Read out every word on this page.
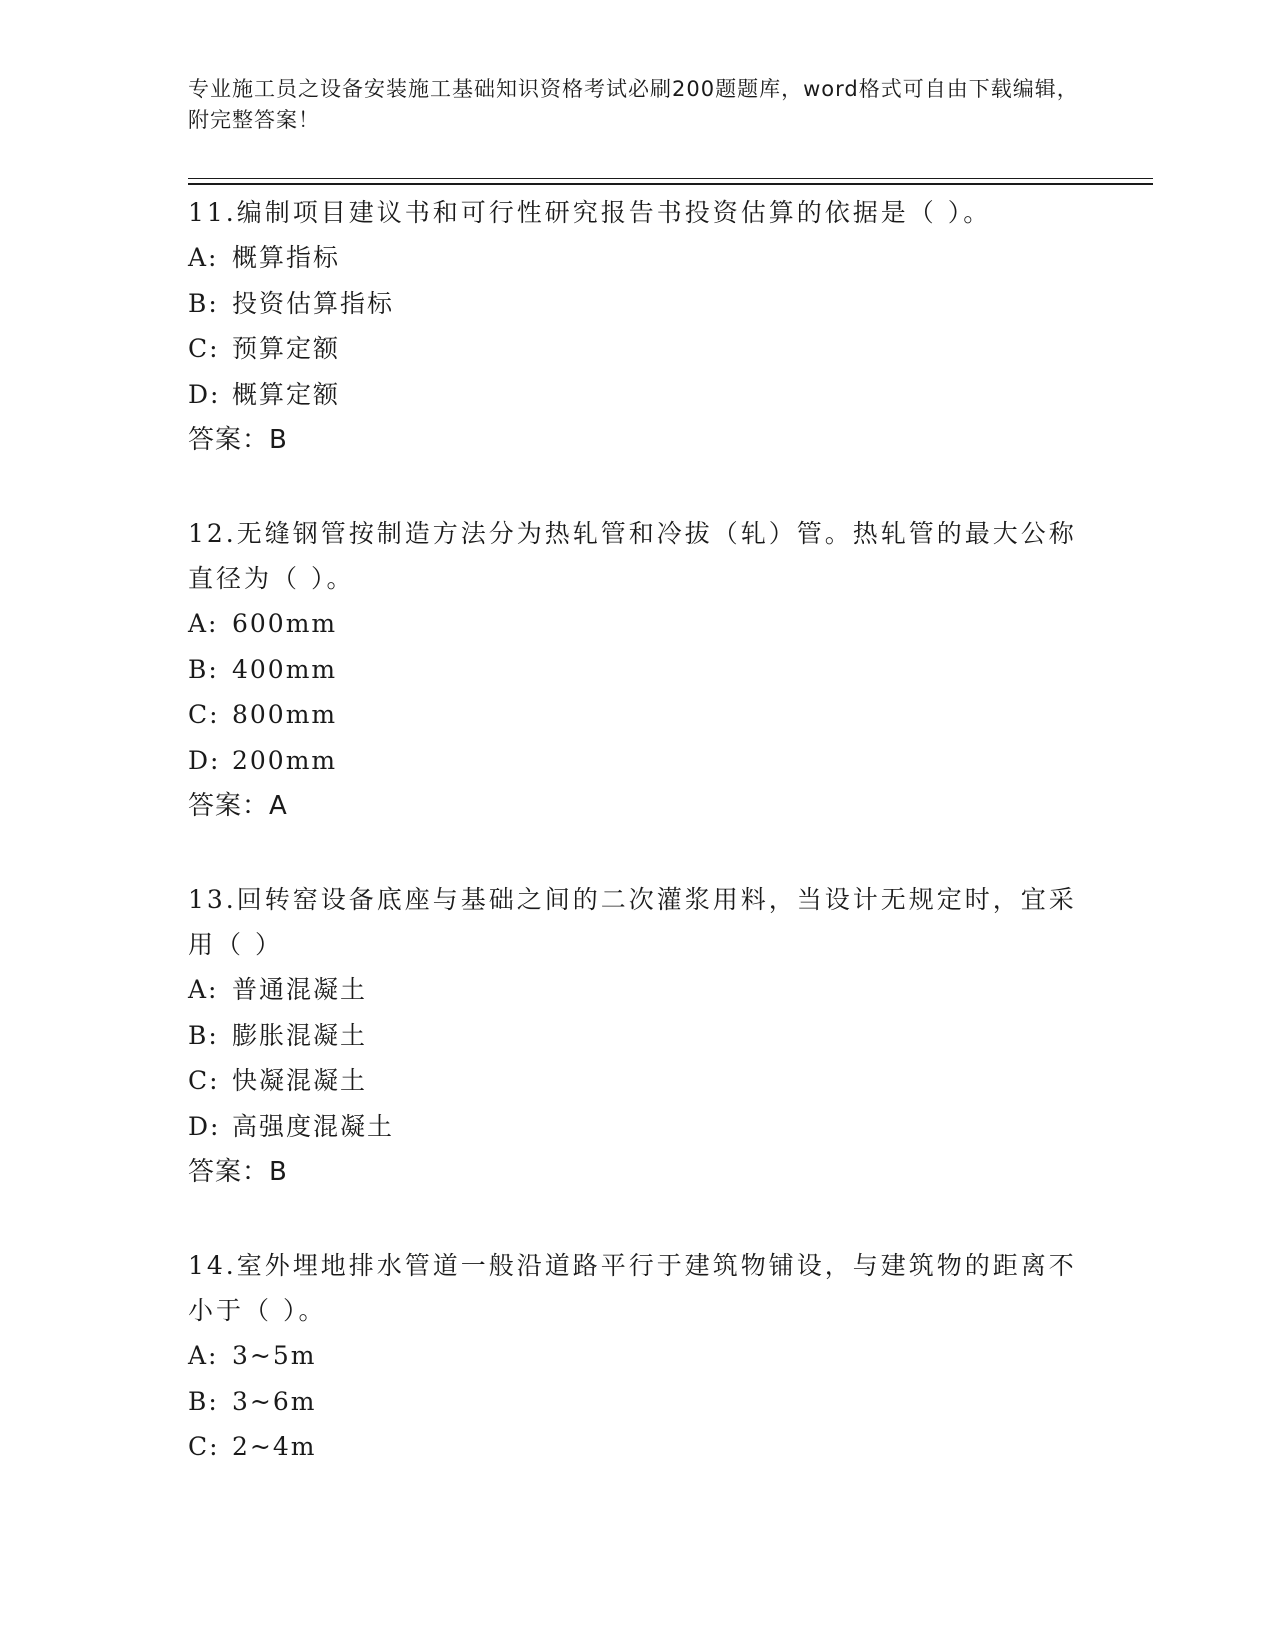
专业施工员之设备安装施工基础知识资格考试必刷200题题库，word格式可自由下载编辑，附完整答案！

11.编制项目建议书和可行性研究报告书投资估算的依据是（ ）。

A: 概算指标

B: 投资估算指标

C: 预算定额

D: 概算定额

答案：B

12.无缝钢管按制造方法分为热轧管和冷拔（轧）管。热轧管的最大公称直径为（ ）。

A: 600mm

B: 400mm

C: 800mm

D: 200mm

答案：A

13.回转窑设备底座与基础之间的二次灌浆用料，当设计无规定时，宜采用（ ）

A: 普通混凝土

B: 膨胀混凝土

C: 快凝混凝土

D: 高强度混凝土

答案：B

14.室外埋地排水管道一般沿道路平行于建筑物铺设，与建筑物的距离不小于（ ）。

A: 3~5m

B: 3~6m

C: 2~4m
